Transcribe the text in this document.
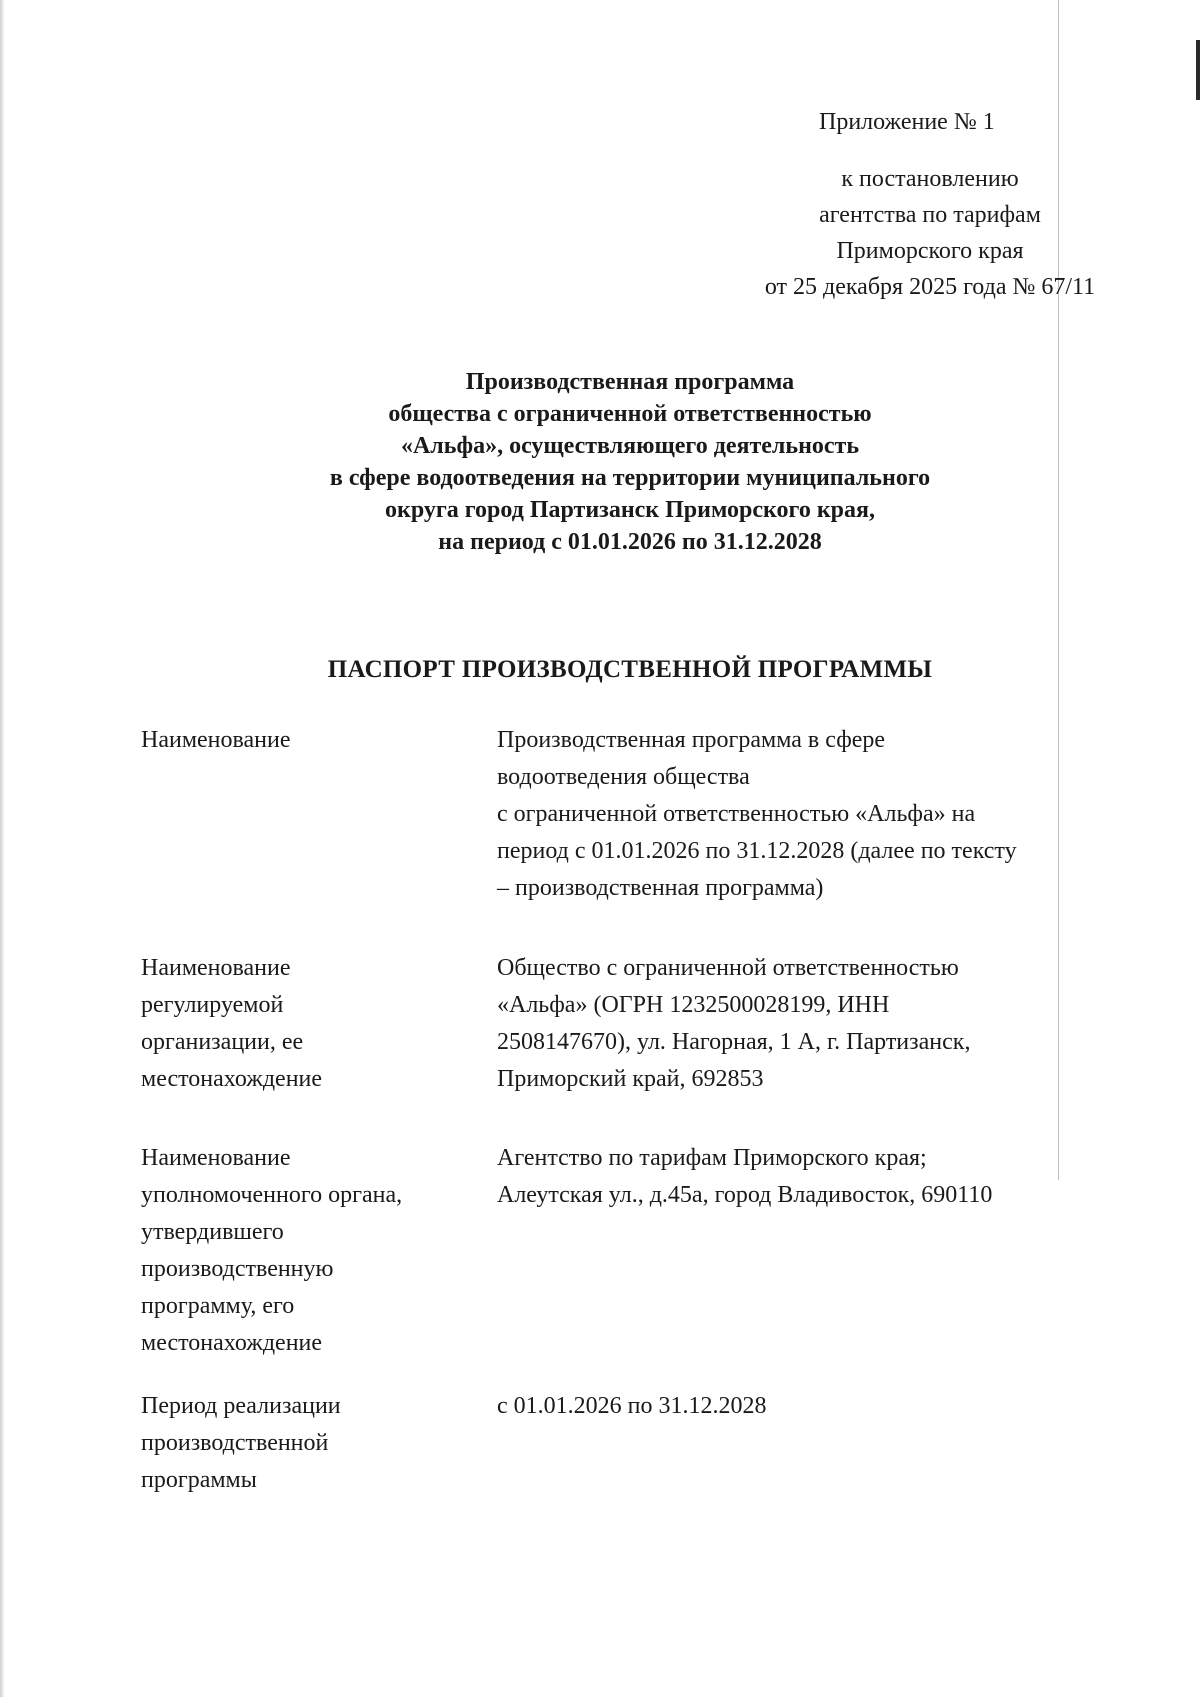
Приложение № 1
к постановлению
агентства по тарифам
Приморского края
от 25 декабря 2025 года № 67/11
Производственная программа
общества с ограниченной ответственностью
«Альфа», осуществляющего деятельность
в сфере водоотведения на территории муниципального
округа город Партизанск Приморского края,
на период с 01.01.2026 по 31.12.2028
ПАСПОРТ ПРОИЗВОДСТВЕННОЙ ПРОГРАММЫ
Наименование	Производственная программа в сфере
водоотведения общества
с ограниченной ответственностью «Альфа» на
период с 01.01.2026 по 31.12.2028 (далее по тексту
– производственная программа)
Наименование
регулируемой
организации, ее
местонахождение
Общество с ограниченной ответственностью
«Альфа» (ОГРН 1232500028199, ИНН
2508147670), ул. Нагорная, 1 А, г. Партизанск,
Приморский край, 692853
Наименование
уполномоченного органа,
утвердившего
производственную
программу, его
местонахождение
Агентство по тарифам Приморского края;
Алеутская ул., д.45а, город Владивосток, 690110
Период реализации
производственной
программы
с 01.01.2026 по 31.12.2028
